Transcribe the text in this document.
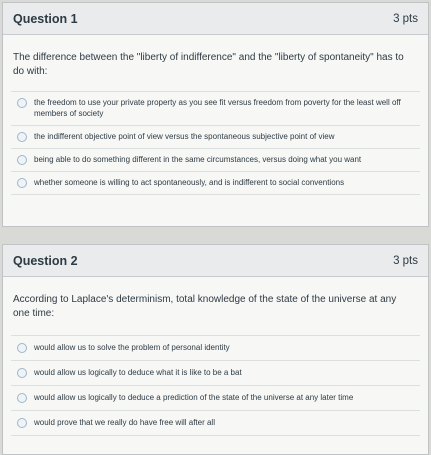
Question 1	3 pts
The difference between the "liberty of indifference" and the "liberty of spontaneity" has to do with:
the freedom to use your private property as you see fit versus freedom from poverty for the least well off members of society
the indifferent objective point of view versus the spontaneous subjective point of view
being able to do something different in the same circumstances, versus doing what you want
whether someone is willing to act spontaneously, and is indifferent to social conventions
Question 2	3 pts
According to Laplace's determinism, total knowledge of the state of the universe at any one time:
would allow us to solve the problem of personal identity
would allow us logically to deduce what it is like to be a bat
would allow us logically to deduce a prediction of the state of the universe at any later time
would prove that we really do have free will after all
